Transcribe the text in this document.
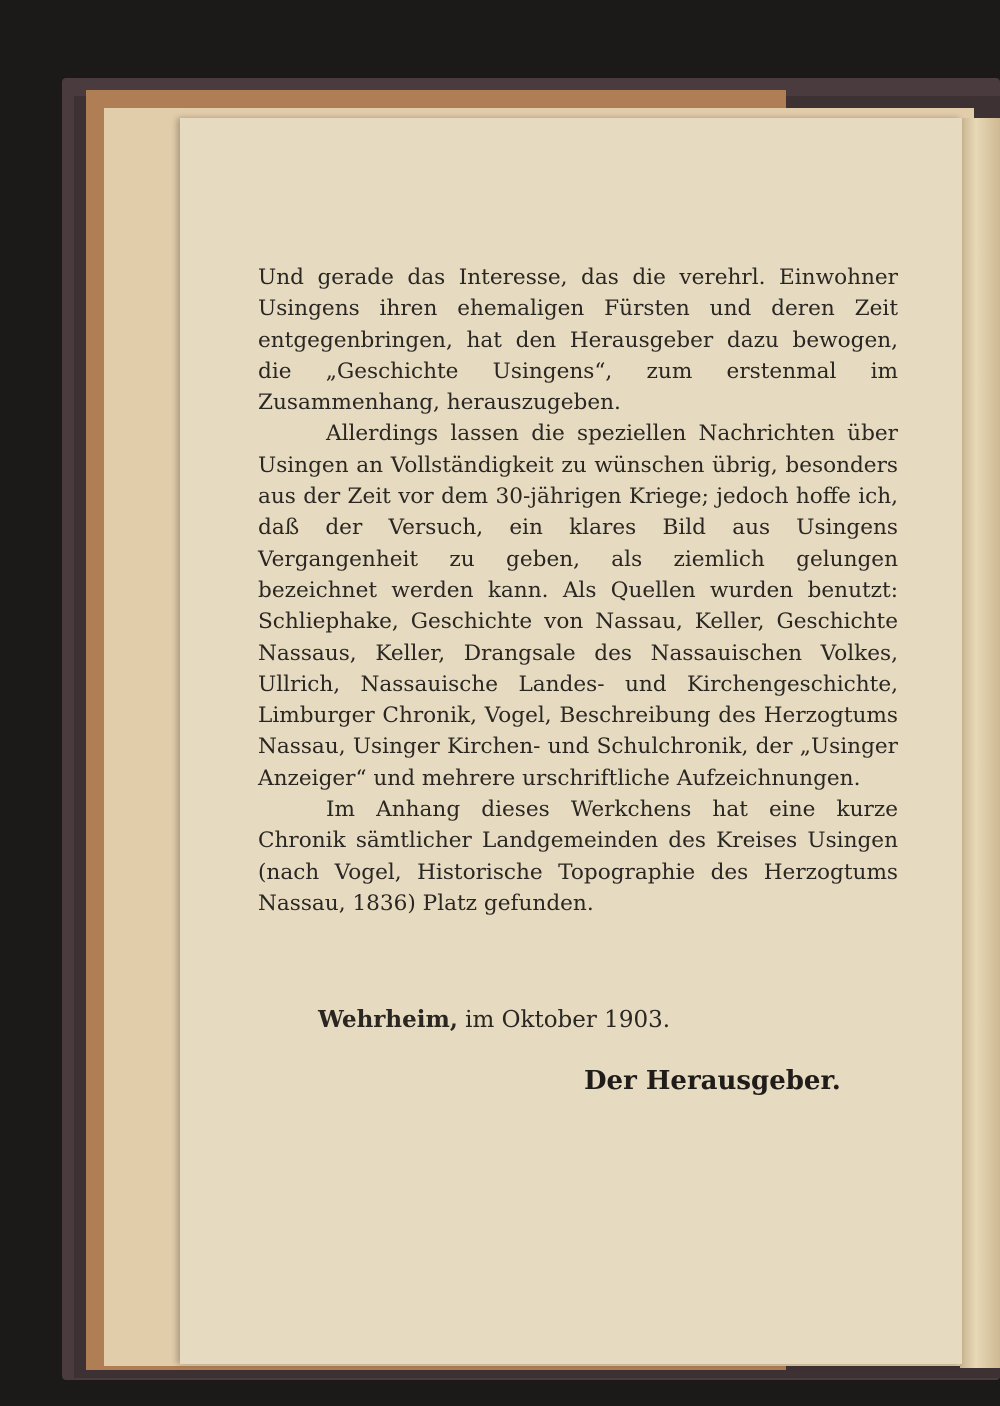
Und gerade das Interesse, das die verehrl. Einwohner Usingens ihren ehemaligen Fürsten und deren Zeit entgegenbringen, hat den Herausgeber dazu bewogen, die „Geschichte Usingens“, zum erstenmal im Zusammenhang, herauszugeben.

Allerdings lassen die speziellen Nachrichten über Usingen an Vollständigkeit zu wünschen übrig, besonders aus der Zeit vor dem 30-jährigen Kriege; jedoch hoffe ich, daß der Versuch, ein klares Bild aus Usingens Vergangenheit zu geben, als ziemlich gelungen bezeichnet werden kann. Als Quellen wurden benutzt: Schliephake, Geschichte von Nassau, Keller, Geschichte Nassaus, Keller, Drangsale des Nassauischen Volkes, Ullrich, Nassauische Landes- und Kirchengeschichte, Limburger Chronik, Vogel, Beschreibung des Herzogtums Nassau, Usinger Kirchen- und Schulchronik, der „Usinger Anzeiger“ und mehrere urschriftliche Aufzeichnungen.

Im Anhang dieses Werkchens hat eine kurze Chronik sämtlicher Landgemeinden des Kreises Usingen (nach Vogel, Historische Topographie des Herzogtums Nassau, 1836) Platz gefunden.

Wehrheim, im Oktober 1903.
Der Herausgeber.
